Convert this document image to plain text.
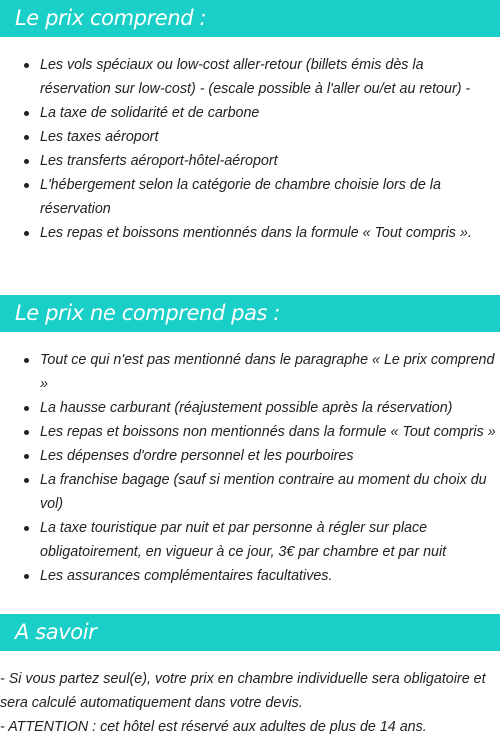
Le prix comprend :
Les vols spéciaux ou low-cost aller-retour (billets émis dès la réservation sur low-cost) - (escale possible à l'aller ou/et au retour) -
La taxe de solidarité et de carbone
Les taxes aéroport
Les transferts aéroport-hôtel-aéroport
L'hébergement selon la catégorie de chambre choisie lors de la réservation
Les repas et boissons mentionnés dans la formule « Tout compris ».
Le prix ne comprend pas :
Tout ce qui n'est pas mentionné dans le paragraphe « Le prix comprend »
La hausse carburant (réajustement possible après la réservation)
Les repas et boissons non mentionnés dans la formule « Tout compris »
Les dépenses d'ordre personnel et les pourboires
La franchise bagage (sauf si mention contraire au moment du choix du vol)
La taxe touristique par nuit et par personne à régler sur place obligatoirement, en vigueur à ce jour, 3€ par chambre et par nuit
Les assurances complémentaires facultatives.
A savoir

- Si vous partez seul(e), votre prix en chambre individuelle sera obligatoire et sera calculé automatiquement dans votre devis.

- ATTENTION : cet hôtel est réservé aux adultes de plus de 14 ans.
